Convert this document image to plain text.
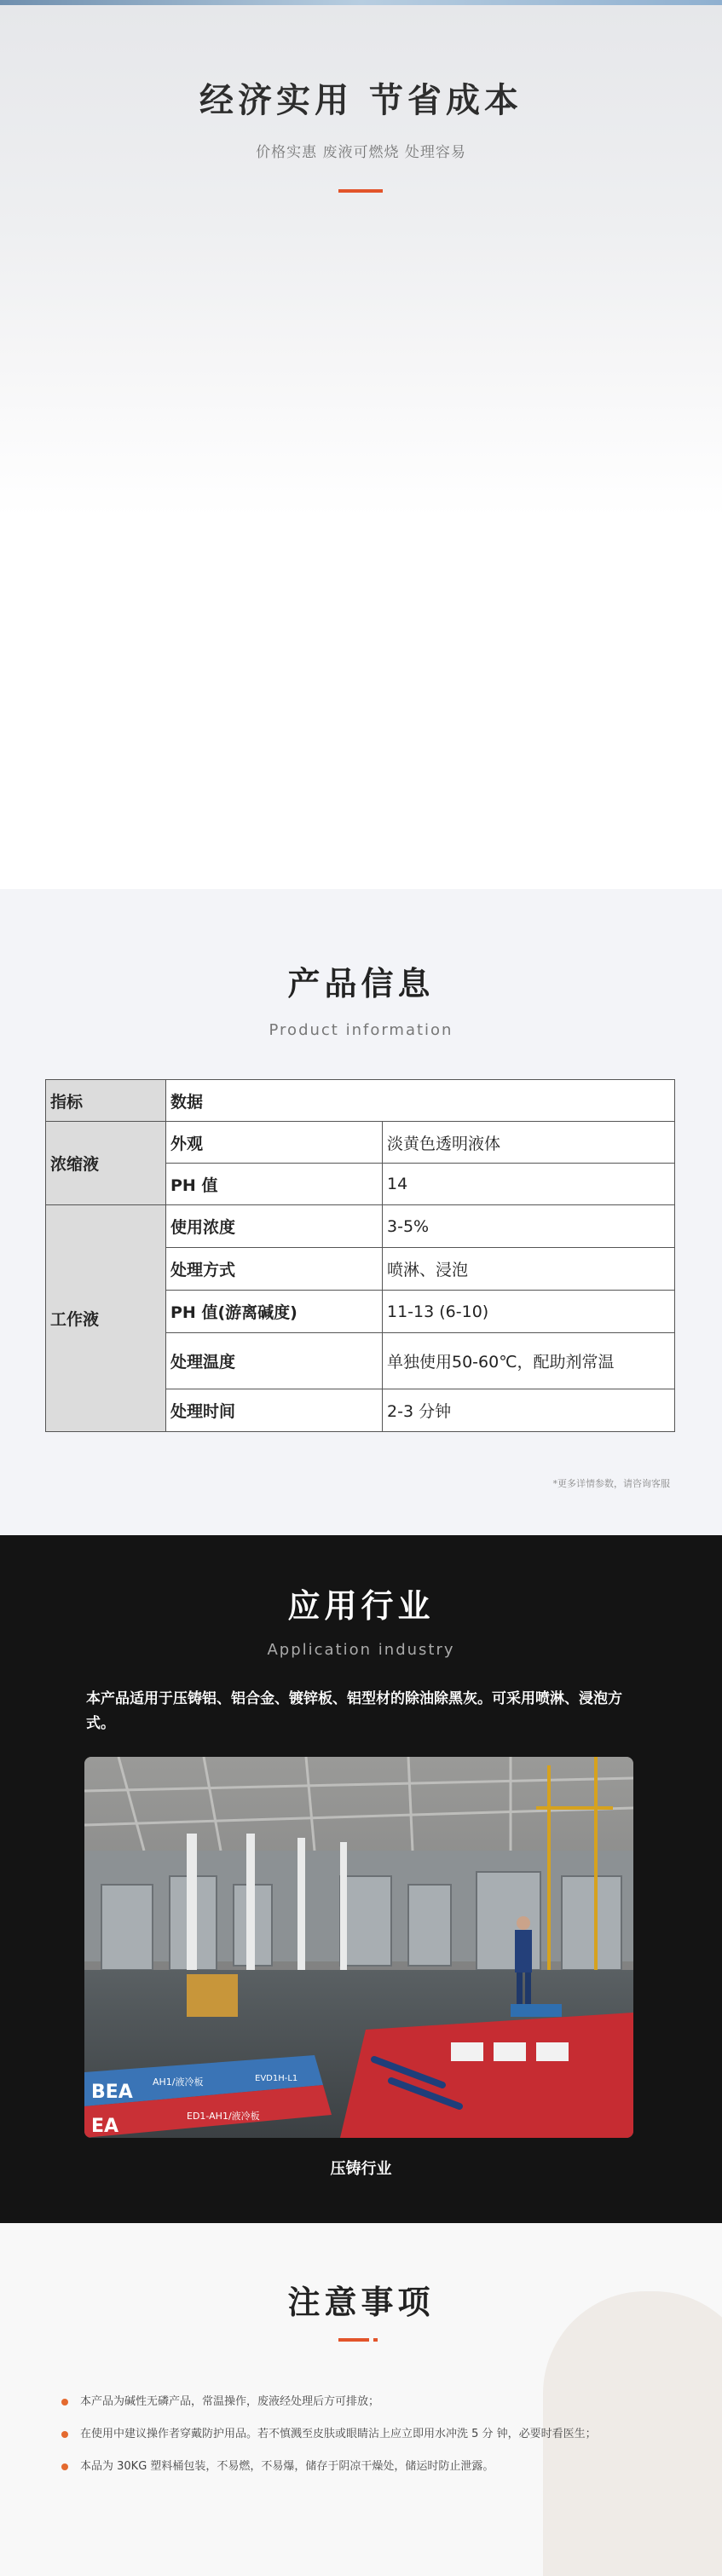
经济实用 节省成本

价格实惠 废液可燃烧 处理容易

产品信息

Product information

指标	数据	
浓缩液	外观	淡黄色透明液体
	PH 值	14
工作液	使用浓度	3-5%
	处理方式	喷淋、浸泡
	PH 值(游离碱度)	11-13 (6-10)
	处理温度	单独使用50-60℃，配助剂常温
	处理时间	2-3 分钟

*更多详情参数，请咨询客服

应用行业

Application industry

本产品适用于压铸铝、铝合金、镀锌板、铝型材的除油除黑灰。可采用喷淋、浸泡方式。

BEA
EA
AH1/液冷板
ED1-AH1/液冷板
EVD1H-L1

压铸行业

注意事项
本产品为碱性无磷产品，常温操作，废液经处理后方可排放；
在使用中建议操作者穿戴防护用品。若不慎溅至皮肤或眼睛沾上应立即用水冲洗 5 分 钟，必要时看医生；
本品为 30KG 塑料桶包装，不易燃，不易爆，储存于阴凉干燥处，储运时防止泄露。
